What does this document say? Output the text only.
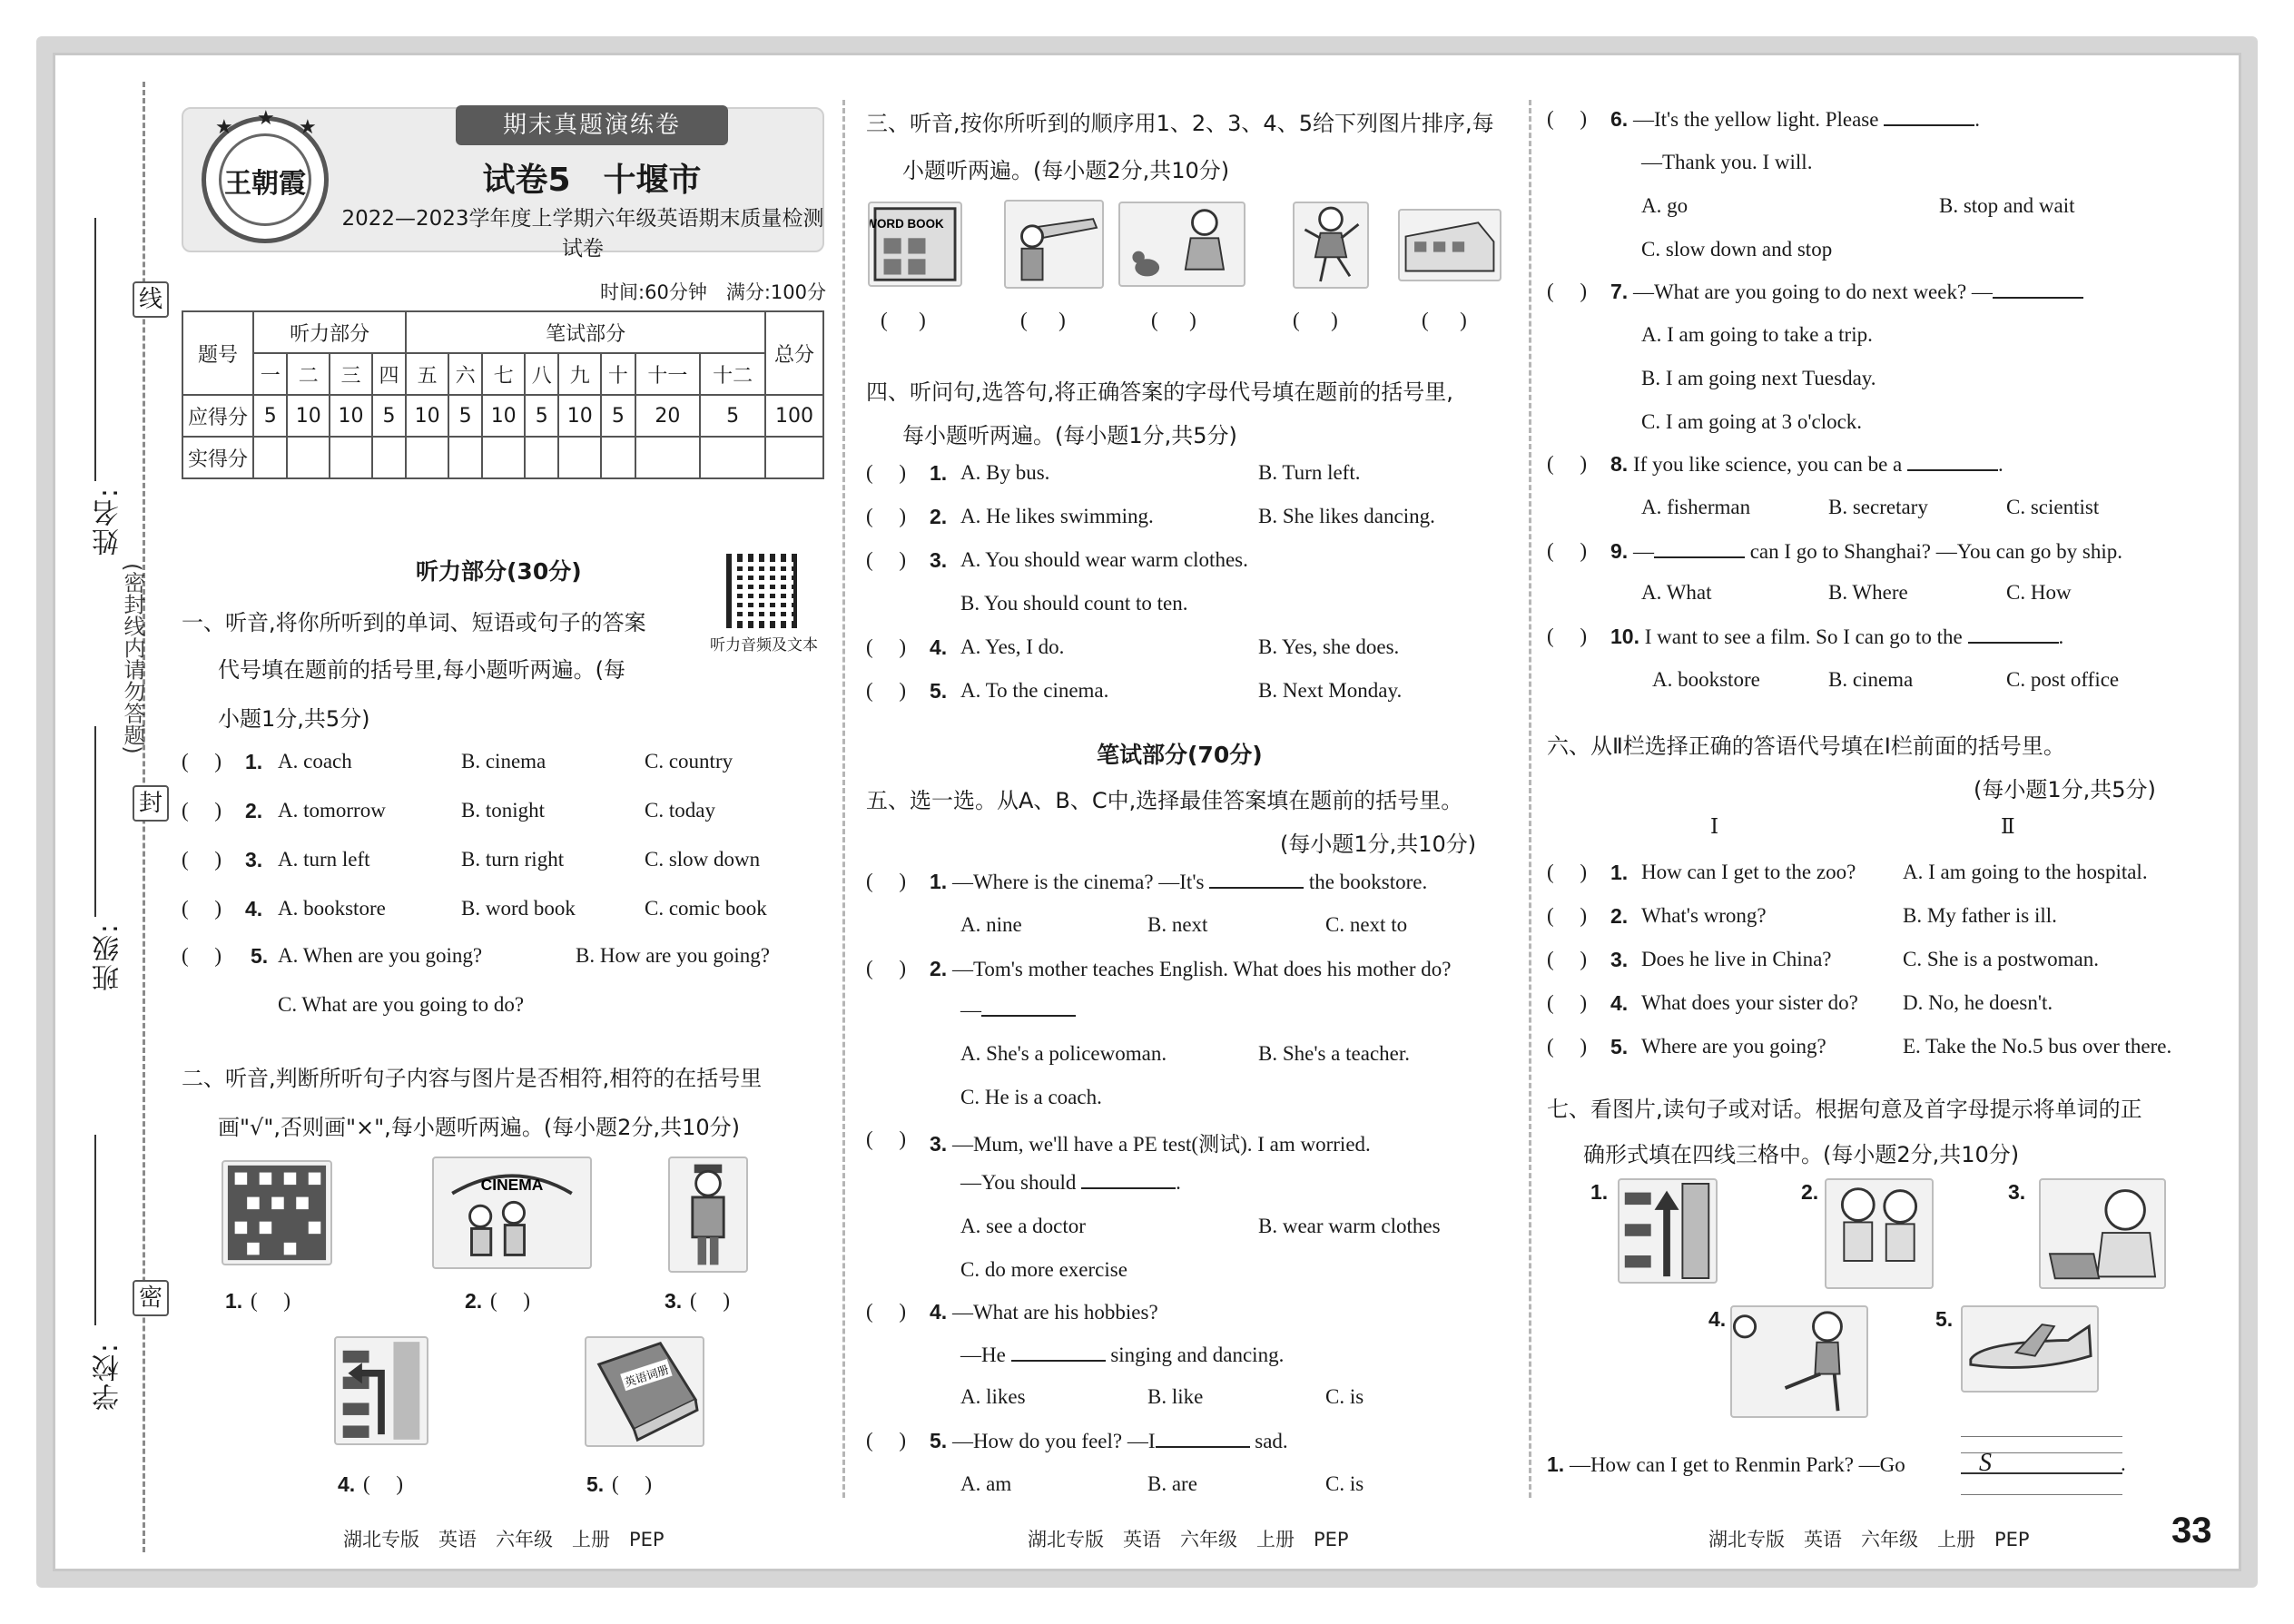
学校:
班级:
姓名:
线
封
密
(密封线内请勿答题)
★ ★ ★
王朝霞
期末真题演练卷
试卷5　十堰市
2022—2023学年度上学期六年级英语期末质量检测试卷
时间:60分钟　满分:100分
题号	听力部分				笔试部分								总分
	一	二	三	四	五	六	七	八	九	十	十一	十二	
应得分	5	10	10	5	10	5	10	5	10	5	20	5	100
实得分													
听力部分(30分)
听力音频及文本
一、听音,将你所听到的单词、短语或句子的答案
代号填在题前的括号里,每小题听两遍。(每
小题1分,共5分)
(     ) 1. A. coach	B. cinema	C. country
(     ) 2. A. tomorrow	B. tonight	C. today
(     ) 3. A. turn left	B. turn right	C. slow down
(     ) 4. A. bookstore	B. word book	C. comic book
(     ) 5. A. When are you going?	B. How are you going?
C. What are you going to do?
二、听音,判断所听句子内容与图片是否相符,相符的在括号里
画"√",否则画"×",每小题听两遍。(每小题2分,共10分)
CINEMA
1. (     )	2. (     )	3. (     )
英语词册
4. (     )	5. (     )
三、听音,按你所听到的顺序用1、2、3、4、5给下列图片排序,每
小题听两遍。(每小题2分,共10分)
WORD BOOK
(      )	(      )	(      )	(      )	(      )
四、听问句,选答句,将正确答案的字母代号填在题前的括号里,
每小题听两遍。(每小题1分,共5分)
(     ) 1. A. By bus.	B. Turn left.
(     ) 2. A. He likes swimming.	B. She likes dancing.
(     ) 3. A. You should wear warm clothes.
B. You should count to ten.
(     ) 4. A. Yes, I do.	B. Yes, she does.
(     ) 5. A. To the cinema.	B. Next Monday.
笔试部分(70分)
五、选一选。从A、B、C中,选择最佳答案填在题前的括号里。
(每小题1分,共10分)
(     ) 1. —Where is the cinema? —It's	the bookstore.
A. nine	B. next	C. next to
(     ) 2. —Tom's mother teaches English. What does his mother do?
—
A. She's a policewoman.	B. She's a teacher.
C. He is a coach.
(     ) 3. —Mum, we'll have a PE test(测试). I am worried.
—You should	.
A. see a doctor	B. wear warm clothes
C. do more exercise
(     ) 4. —What are his hobbies?
—He	singing and dancing.
A. likes	B. like	C. is
(     ) 5. —How do you feel? —I	sad.
A. am	B. are	C. is
(     ) 6. —It's the yellow light. Please	.
—Thank you. I will.
A. go	B. stop and wait
C. slow down and stop
(     ) 7. —What are you going to do next week? —
A. I am going to take a trip.
B. I am going next Tuesday.
C. I am going at 3 o'clock.
(     ) 8. If you like science, you can be a	.
A. fisherman	B. secretary	C. scientist
(     ) 9. —	can I go to Shanghai? —You can go by ship.
A. What	B. Where	C. How
(     ) 10. I want to see a film. So I can go to the	.
A. bookstore	B. cinema	C. post office
六、从Ⅱ栏选择正确的答语代号填在Ⅰ栏前面的括号里。
(每小题1分,共5分)
Ⅰ	Ⅱ
(     ) 1. How can I get to the zoo? A. I am going to the hospital.
(     ) 2. What's wrong?	B. My father is ill.
(     ) 3. Does he live in China?	C. She is a postwoman.
(     ) 4. What does your sister do? D. No, he doesn't.
(     ) 5. Where are you going?	E. Take the No.5 bus over there.
七、看图片,读句子或对话。根据句意及首字母提示将单词的正
确形式填在四线三格中。(每小题2分,共10分)
1.	2.	3.
4.	5.
1. —How can I get to Renmin Park? —Go	S	.
湖北专版　英语　六年级　上册　PEP	湖北专版　英语　六年级　上册　PEP	湖北专版　英语　六年级　上册　PEP	33
